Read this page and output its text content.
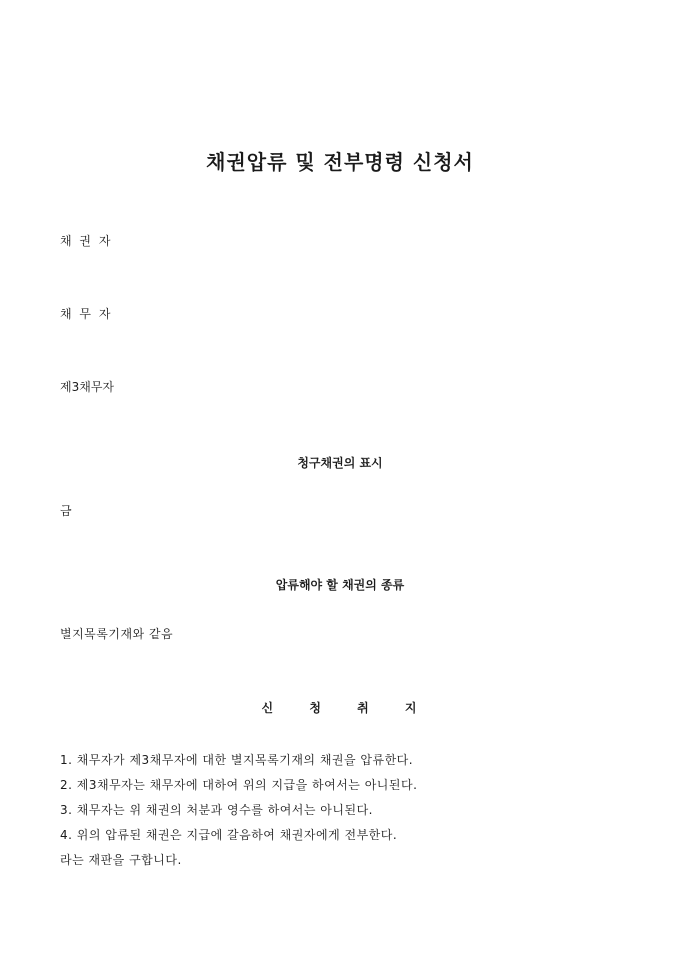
채권압류 및 전부명령 신청서
채 권 자
채 무 자
제3채무자
청구채권의 표시
금
압류해야 할 채권의 종류
별지목록기재와 같음
신 청 취 지
1. 채무자가 제3채무자에 대한 별지목록기재의 채권을 압류한다.
2. 제3채무자는 채무자에 대하여 위의 지급을 하여서는 아니된다.
3. 채무자는 위 채권의 처분과 영수를 하여서는 아니된다.
4. 위의 압류된 채권은 지급에 갈음하여 채권자에게 전부한다.
라는 재판을 구합니다.
